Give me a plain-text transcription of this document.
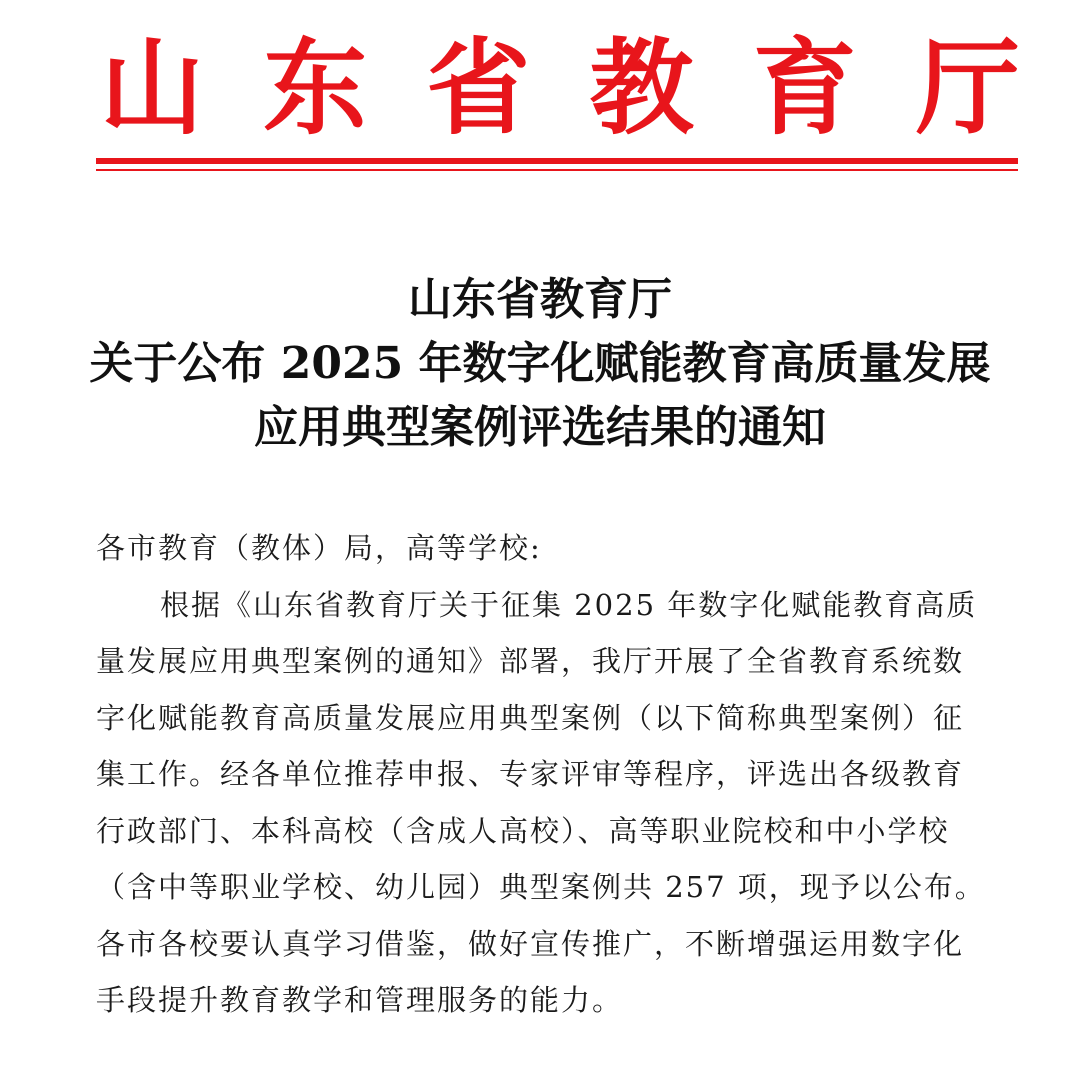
山 东 省 教 育 厅
山东省教育厅
关于公布 2025 年数字化赋能教育高质量发展
应用典型案例评选结果的通知
各市教育（教体）局，高等学校:
根据《山东省教育厅关于征集 2025 年数字化赋能教育高质
量发展应用典型案例的通知》部署，我厅开展了全省教育系统数
字化赋能教育高质量发展应用典型案例（以下简称典型案例）征
集工作。经各单位推荐申报、专家评审等程序，评选出各级教育
行政部门、本科高校（含成人高校）、高等职业院校和中小学校
（含中等职业学校、幼儿园）典型案例共 257 项，现予以公布。
各市各校要认真学习借鉴，做好宣传推广，不断增强运用数字化
手段提升教育教学和管理服务的能力。
